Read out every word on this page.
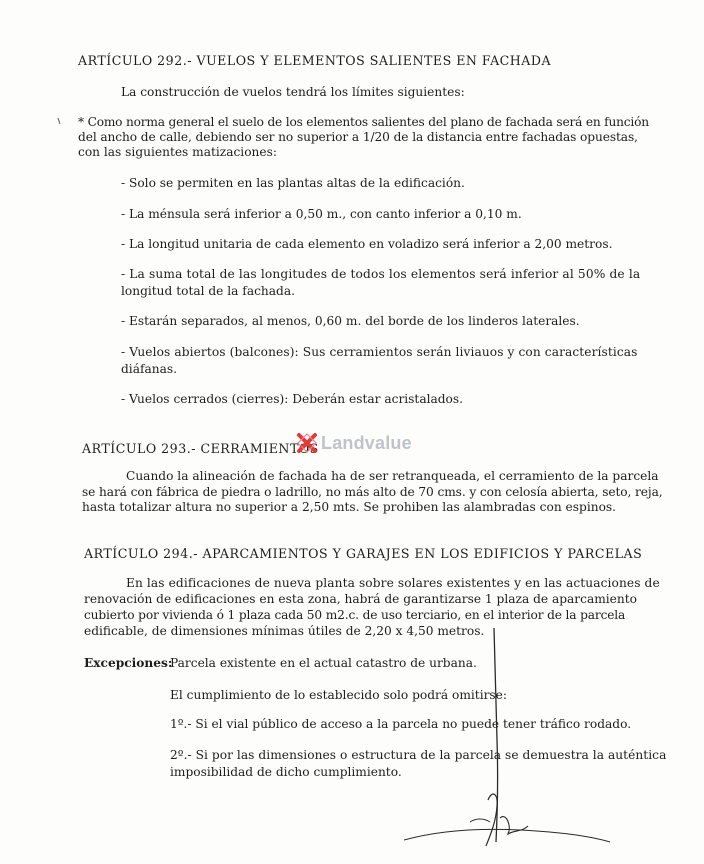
ARTÍCULO 292.- VUELOS Y ELEMENTOS SALIENTES EN FACHADA
La construcción de vuelos tendrá los límites siguientes:
* Como norma general el suelo de los elementos salientes del plano de fachada será en función
del ancho de calle, debiendo ser no superior a 1/20 de la distancia entre fachadas opuestas,
con las siguientes matizaciones:
- Solo se permiten en las plantas altas de la edificación.
- La ménsula será inferior a 0,50 m., con canto inferior a 0,10 m.
- La longitud unitaria de cada elemento en voladizo será inferior a 2,00 metros.
- La suma total de las longitudes de todos los elementos será inferior al 50% de la
longitud total de la fachada.
- Estarán separados, al menos, 0,60 m. del borde de los linderos laterales.
- Vuelos abiertos (balcones): Sus cerramientos serán liviauos y con características
diáfanas.
- Vuelos cerrados (cierres): Deberán estar acristalados.
ARTÍCULO 293.- CERRAMIENTOS Landvalue
Cuando la alineación de fachada ha de ser retranqueada, el cerramiento de la parcela
se hará con fábrica de piedra o ladrillo, no más alto de 70 cms. y con celosía abierta, seto, reja,
hasta totalizar altura no superior a 2,50 mts. Se prohiben las alambradas con espinos.
ARTÍCULO 294.- APARCAMIENTOS Y GARAJES EN LOS EDIFICIOS Y PARCELAS
En las edificaciones de nueva planta sobre solares existentes y en las actuaciones de
renovación de edificaciones en esta zona, habrá de garantizarse 1 plaza de aparcamiento
cubierto por vivienda ó 1 plaza cada 50 m2.c. de uso terciario, en el interior de la parcela
edificable, de dimensiones mínimas útiles de 2,20 x 4,50 metros.
Excepciones:
Parcela existente en el actual catastro de urbana.
El cumplimiento de lo establecido solo podrá omitirse:
1º.- Si el vial público de acceso a la parcela no puede tener tráfico rodado.
2º.- Si por las dimensiones o estructura de la parcela se demuestra la auténtica
imposibilidad de dicho cumplimiento.
